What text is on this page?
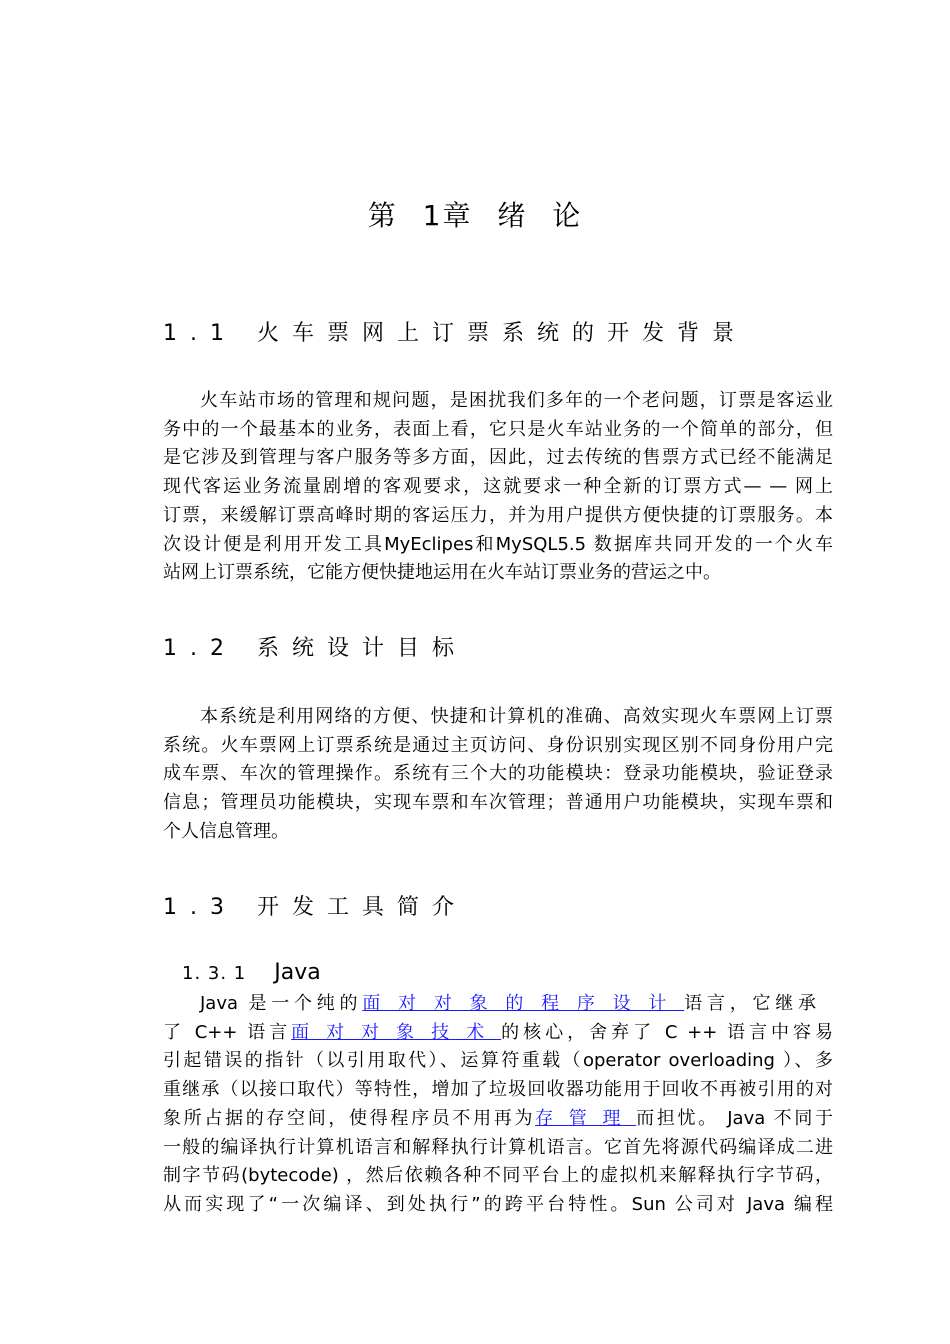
第 1章 绪 论
1.1 火车票网上订票系统的开发背景
火车站市场的管理和规问题，是困扰我们多年的一个老问题，订票是客运业
务中的一个最基本的业务，表面上看，它只是火车站业务的一个简单的部分，但
是它涉及到管理与客户服务等多方面，因此，过去传统的售票方式已经不能满足
现代客运业务流量剧增的客观要求，这就要求一种全新的订票方式— — 网上
订票，来缓解订票高峰时期的客运压力，并为用户提供方便快捷的订票服务。本
次设计便是利用开发工具MyEclipes和MySQL5.5 数据库共同开发的一个火车
站网上订票系统，它能方便快捷地运用在火车站订票业务的营运之中。
1.2 系统设计目标
本系统是利用网络的方便、快捷和计算机的准确、高效实现火车票网上订票
系统。火车票网上订票系统是通过主页访问、身份识别实现区别不同身份用户完
成车票、车次的管理操作。系统有三个大的功能模块：登录功能模块，验证登录
信息；管理员功能模块，实现车票和车次管理；普通用户功能模块，实现车票和
个人信息管理。
1.3 开发工具简介
1. 3. 1 Java
Java 是一个纯的面对对象的程序设计语言，它继承
了 C++ 语言面对对象技术的核心，舍弃了 C ++ 语言中容易
引起错误的指针（以引用取代）、运算符重载（operator overloading ）、多
重继承（以接口取代）等特性，增加了垃圾回收器功能用于回收不再被引用的对
象所占据的存空间，使得程序员不用再为存管理而担忧。 Java 不同于
一般的编译执行计算机语言和解释执行计算机语言。它首先将源代码编译成二进
制字节码(bytecode) ，然后依赖各种不同平台上的虚拟机来解释执行字节码，
从而实现了“一次编译、到处执行”的跨平台特性。Sun 公司对 Java 编程
